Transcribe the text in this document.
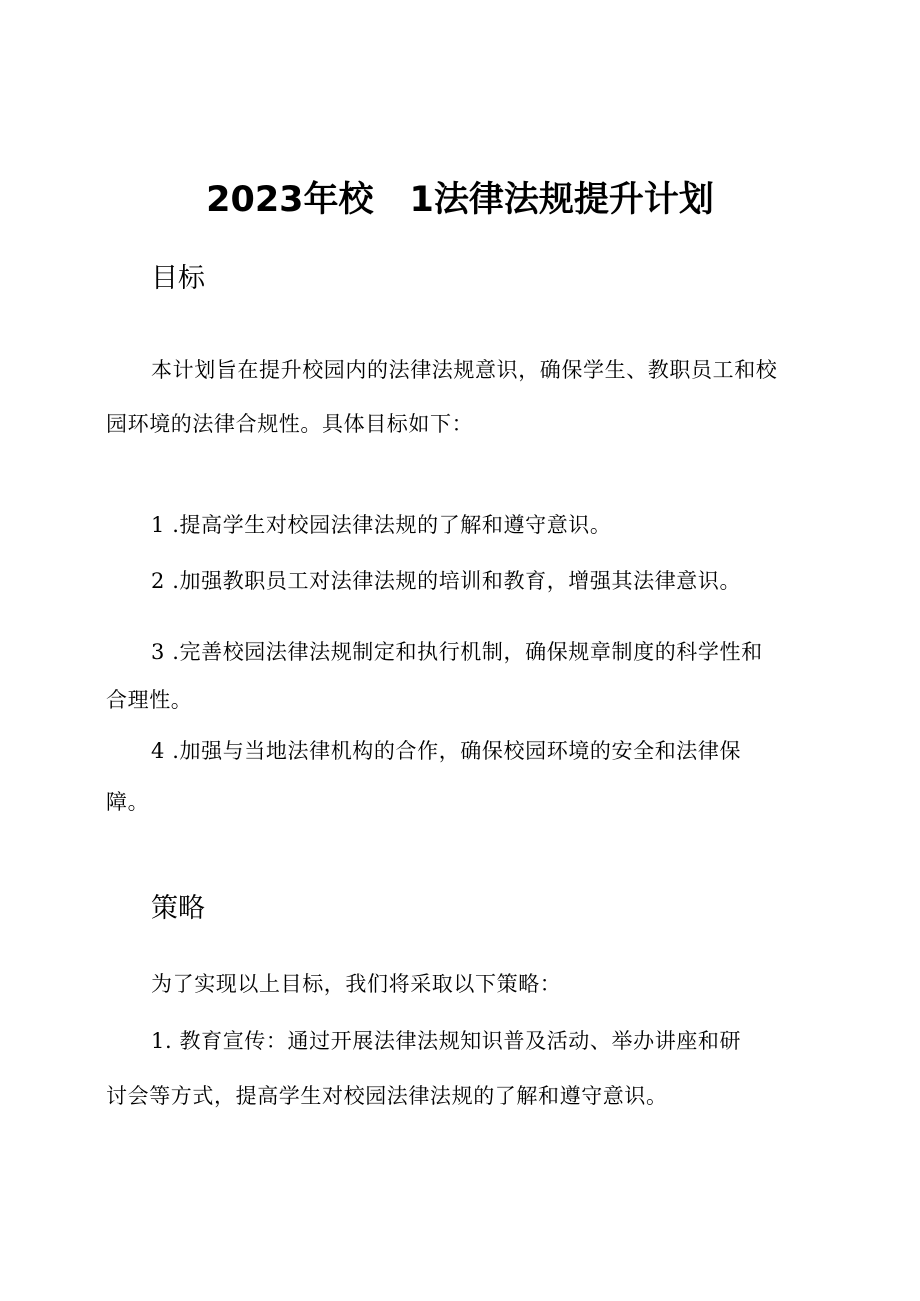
2023年校 1法律法规提升计划
目标
本计划旨在提升校园内的法律法规意识，确保学生、教职员工和校
园环境的法律合规性。具体目标如下：
1 .提高学生对校园法律法规的了解和遵守意识。
2 .加强教职员工对法律法规的培训和教育，增强其法律意识。
3 .完善校园法律法规制定和执行机制，确保规章制度的科学性和
合理性。
4 .加强与当地法律机构的合作，确保校园环境的安全和法律保
障。
策略
为了实现以上目标，我们将采取以下策略：
1. 教育宣传：通过开展法律法规知识普及活动、举办讲座和研
讨会等方式，提高学生对校园法律法规的了解和遵守意识。
